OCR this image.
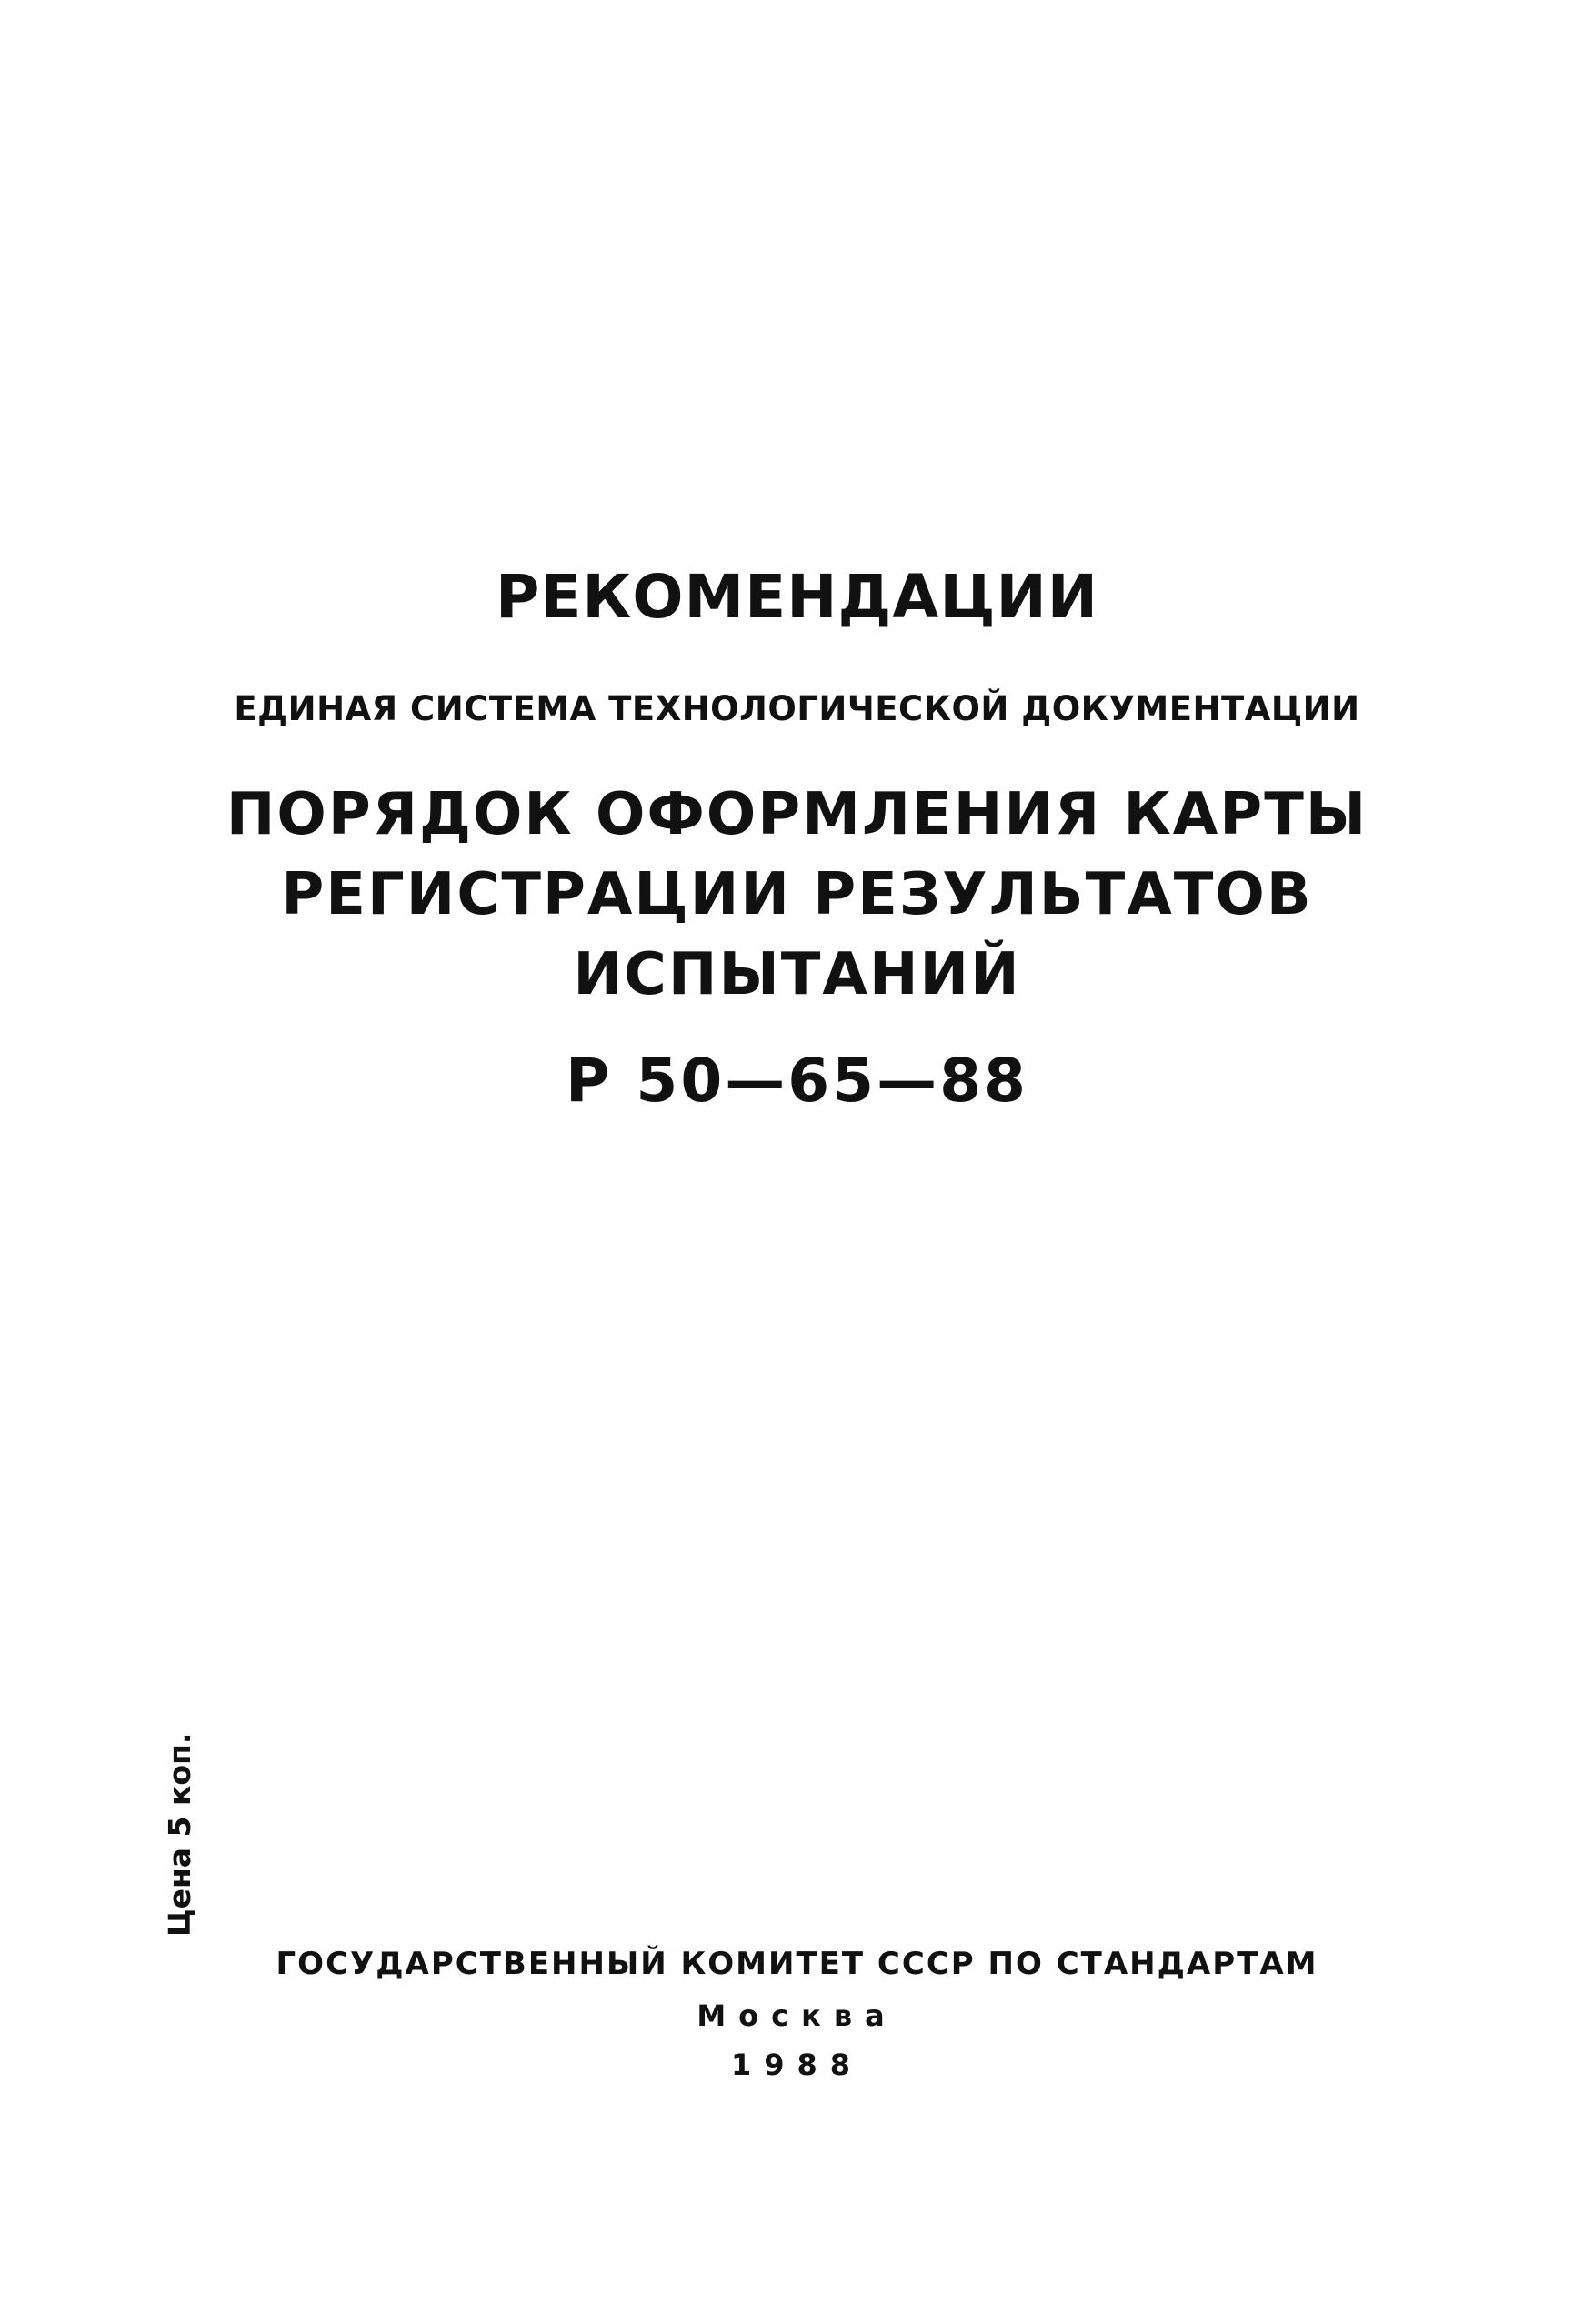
РЕКОМЕНДАЦИИ
ЕДИНАЯ СИСТЕМА ТЕХНОЛОГИЧЕСКОЙ ДОКУМЕНТАЦИИ
ПОРЯДОК ОФОРМЛЕНИЯ КАРТЫ
РЕГИСТРАЦИИ РЕЗУЛЬТАТОВ
ИСПЫТАНИЙ
Р 50—65—88
Цена 5 коп.
ГОСУДАРСТВЕННЫЙ КОМИТЕТ СССР ПО СТАНДАРТАМ
Москва
1988
